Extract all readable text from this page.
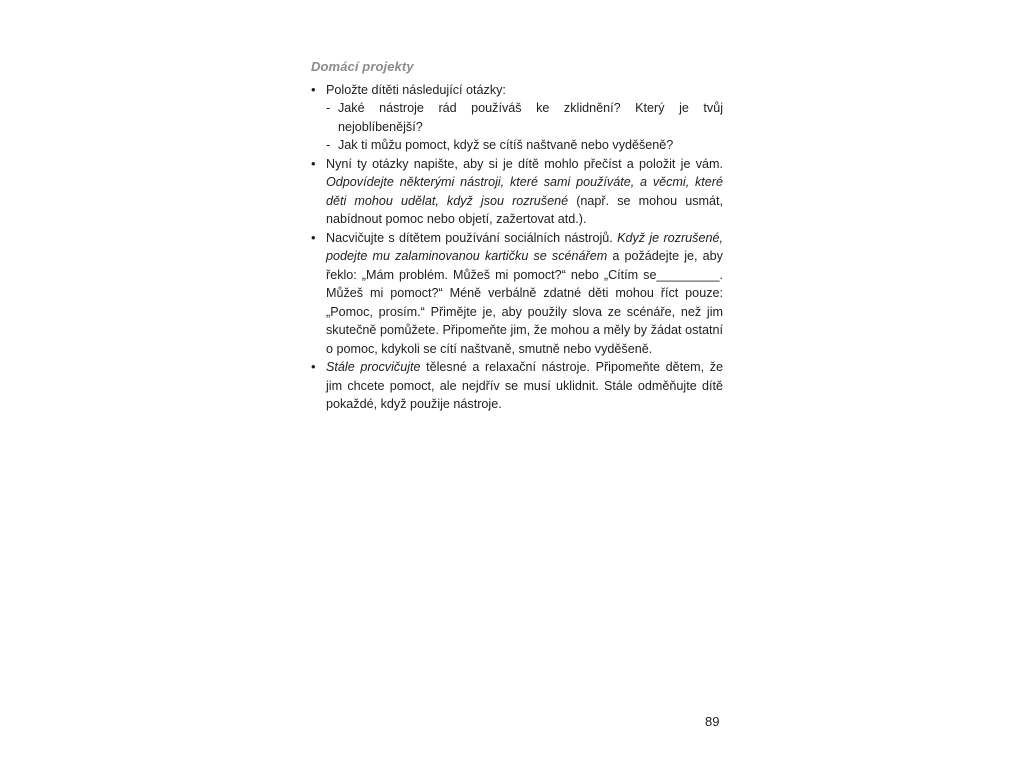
Domácí projekty
• Položte dítěti následující otázky:
- Jaké nástroje rád používáš ke zklidnění? Který je tvůj nejoblíbenější?
- Jak ti můžu pomoct, když se cítíš naštvaně nebo vyděšeně?
• Nyní ty otázky napište, aby si je dítě mohlo přečíst a položit je vám. Odpovídejte některými nástroji, které sami používáte, a věcmi, které děti mohou udělat, když jsou rozrušené (např. se mohou usmát, nabídnout pomoc nebo objetí, zažertovat atd.).
• Nacvičujte s dítětem používání sociálních nástrojů. Když je rozrušené, podejte mu zalaminovanou kartičku se scénářem a požádejte je, aby řeklo: „Mám problém. Můžeš mi pomoct?“ nebo „Cítím se_________. Můžeš mi pomoct?“ Méně verbálně zdatné děti mohou říct pouze: „Pomoc, prosím.“ Přimějte je, aby použily slova ze scénáře, než jim skutečně pomůžete. Připomeňte jim, že mohou a měly by žádat ostatní o pomoc, kdykoli se cítí naštvaně, smutně nebo vyděšeně.
• Stále procvičujte tělesné a relaxační nástroje. Připomeňte dětem, že jim chcete pomoct, ale nejdřív se musí uklidnit. Stále odměňujte dítě pokaždé, když použije nástroje.
89
